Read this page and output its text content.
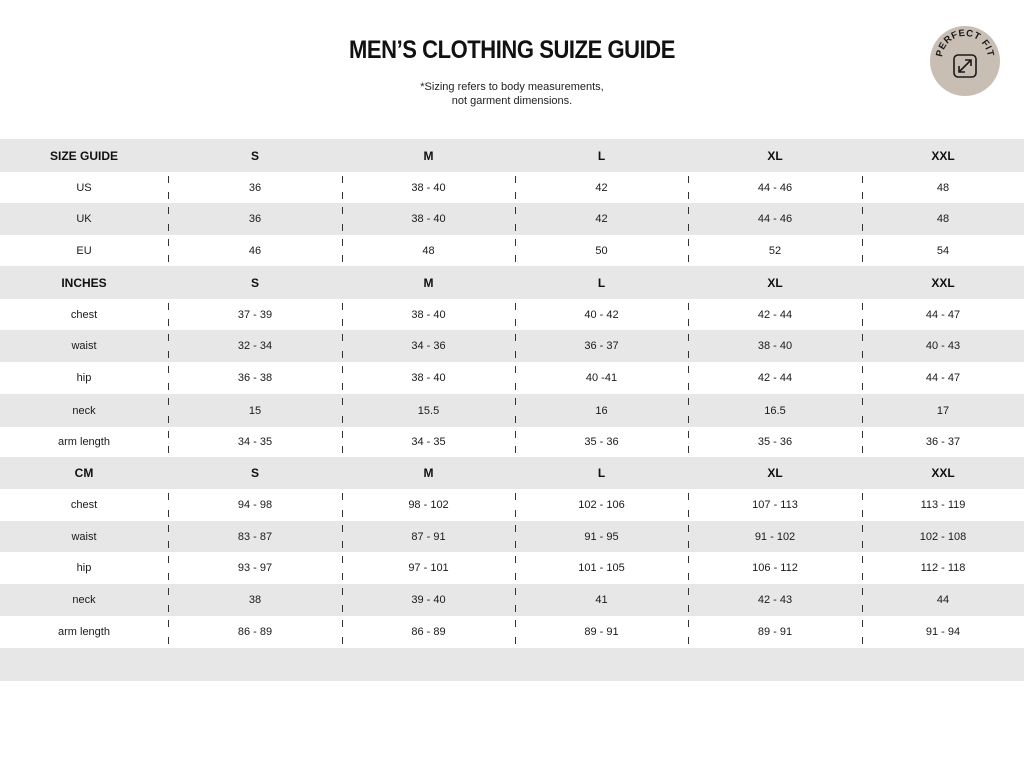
MEN’S CLOTHING SUIZE GUIDE
*Sizing refers to body measurements,
not garment dimensions.
PERFECT FIT
SIZE GUIDE	S	M	L	XL	XXL
US	36	38 - 40	42	44 - 46	48
UK	36	38 - 40	42	44 - 46	48
EU	46	48	50	52	54
INCHES	S	M	L	XL	XXL
chest	37 - 39	38 - 40	40 - 42	42 - 44	44 - 47
waist	32 - 34	34 - 36	36 - 37	38 - 40	40 - 43
hip	36 - 38	38 - 40	40 -41	42 - 44	44 - 47
neck	15	15.5	16	16.5	17
arm length	34 - 35	34 - 35	35 - 36	35 - 36	36 - 37
CM	S	M	L	XL	XXL
chest	94 - 98	98 - 102	102 - 106	107 - 113	113 - 119
waist	83 - 87	87 - 91	91 - 95	91 - 102	102 - 108
hip	93 - 97	97 - 101	101 - 105	106 - 112	112 - 118
neck	38	39 - 40	41	42 - 43	44
arm length	86 - 89	86 - 89	89 - 91	89 - 91	91 - 94
